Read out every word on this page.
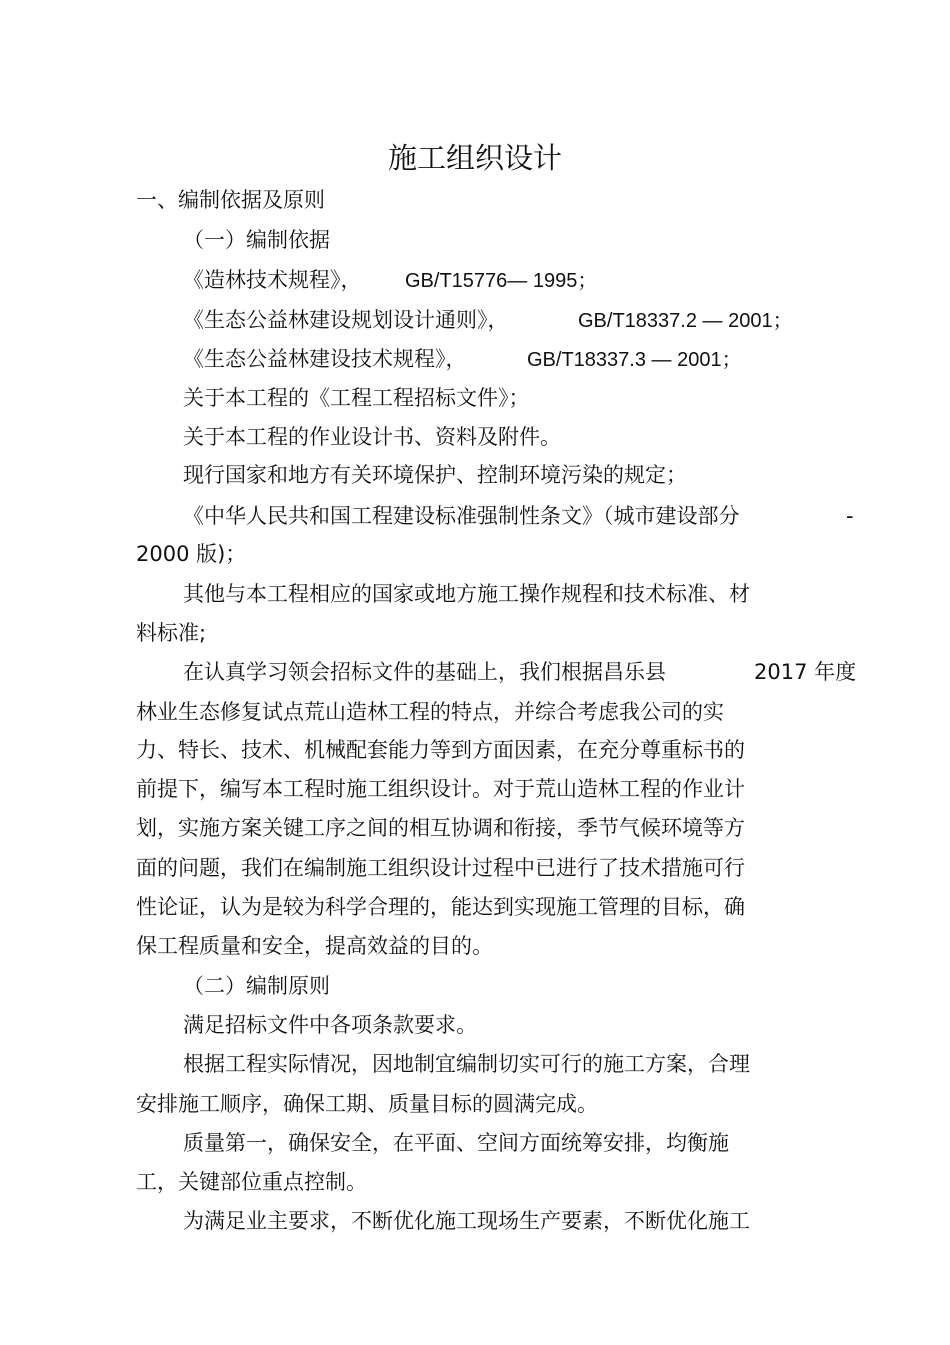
施工组织设计

一、编制依据及原则

（一）编制依据

《造林技术规程》， GB/T15776— 1995；
《生态公益林建设规划设计通则》，	GB/T18337.2 — 2001；
《生态公益林建设技术规程》，	GB/T18337.3 — 2001；

关于本工程的《工程工程招标文件》；

关于本工程的作业设计书、资料及附件。

现行国家和地方有关环境保护、控制环境污染的规定；

《中华人民共和国工程建设标准强制性条文》（城市建设部分	-

2000 版)；

其他与本工程相应的国家或地方施工操作规程和技术标准、材

料标准;

在认真学习领会招标文件的基础上，我们根据昌乐县	2017 年度

林业生态修复试点荒山造林工程的特点，并综合考虑我公司的实

力、特长、技术、机械配套能力等到方面因素，在充分尊重标书的

前提下，编写本工程时施工组织设计。对于荒山造林工程的作业计

划，实施方案关键工序之间的相互协调和衔接，季节气候环境等方

面的问题，我们在编制施工组织设计过程中已进行了技术措施可行

性论证，认为是较为科学合理的，能达到实现施工管理的目标，确

保工程质量和安全，提高效益的目的。

（二）编制原则

满足招标文件中各项条款要求。

根据工程实际情况，因地制宜编制切实可行的施工方案，合理

安排施工顺序，确保工期、质量目标的圆满完成。

质量第一，确保安全，在平面、空间方面统筹安排，均衡施

工，关键部位重点控制。

为满足业主要求，不断优化施工现场生产要素，不断优化施工
